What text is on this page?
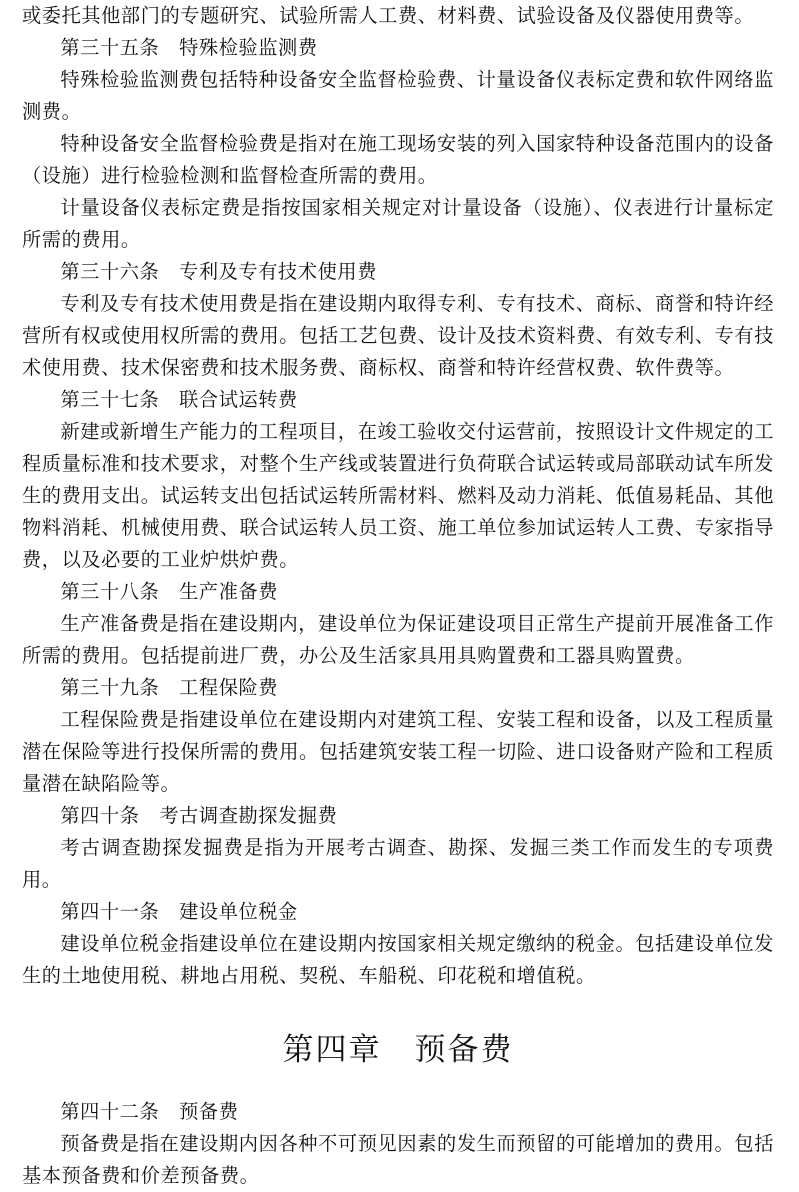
或委托其他部门的专题研究、试验所需人工费、材料费、试验设备及仪器使用费等。

第三十五条　特殊检验监测费

特殊检验监测费包括特种设备安全监督检验费、计量设备仪表标定费和软件网络监测费。

特种设备安全监督检验费是指对在施工现场安装的列入国家特种设备范围内的设备（设施）进行检验检测和监督检查所需的费用。

计量设备仪表标定费是指按国家相关规定对计量设备（设施）、仪表进行计量标定所需的费用。

第三十六条　专利及专有技术使用费

专利及专有技术使用费是指在建设期内取得专利、专有技术、商标、商誉和特许经营所有权或使用权所需的费用。包括工艺包费、设计及技术资料费、有效专利、专有技术使用费、技术保密费和技术服务费、商标权、商誉和特许经营权费、软件费等。

第三十七条　联合试运转费

新建或新增生产能力的工程项目，在竣工验收交付运营前，按照设计文件规定的工程质量标准和技术要求，对整个生产线或装置进行负荷联合试运转或局部联动试车所发生的费用支出。试运转支出包括试运转所需材料、燃料及动力消耗、低值易耗品、其他物料消耗、机械使用费、联合试运转人员工资、施工单位参加试运转人工费、专家指导费，以及必要的工业炉烘炉费。

第三十八条　生产准备费

生产准备费是指在建设期内，建设单位为保证建设项目正常生产提前开展准备工作所需的费用。包括提前进厂费，办公及生活家具用具购置费和工器具购置费。

第三十九条　工程保险费

工程保险费是指建设单位在建设期内对建筑工程、安装工程和设备，以及工程质量潜在保险等进行投保所需的费用。包括建筑安装工程一切险、进口设备财产险和工程质量潜在缺陷险等。

第四十条　考古调查勘探发掘费

考古调查勘探发掘费是指为开展考古调查、勘探、发掘三类工作而发生的专项费用。

第四十一条　建设单位税金

建设单位税金指建设单位在建设期内按国家相关规定缴纳的税金。包括建设单位发生的土地使用税、耕地占用税、契税、车船税、印花税和增值税。

第四章　预备费

第四十二条　预备费

预备费是指在建设期内因各种不可预见因素的发生而预留的可能增加的费用。包括基本预备费和价差预备费。
